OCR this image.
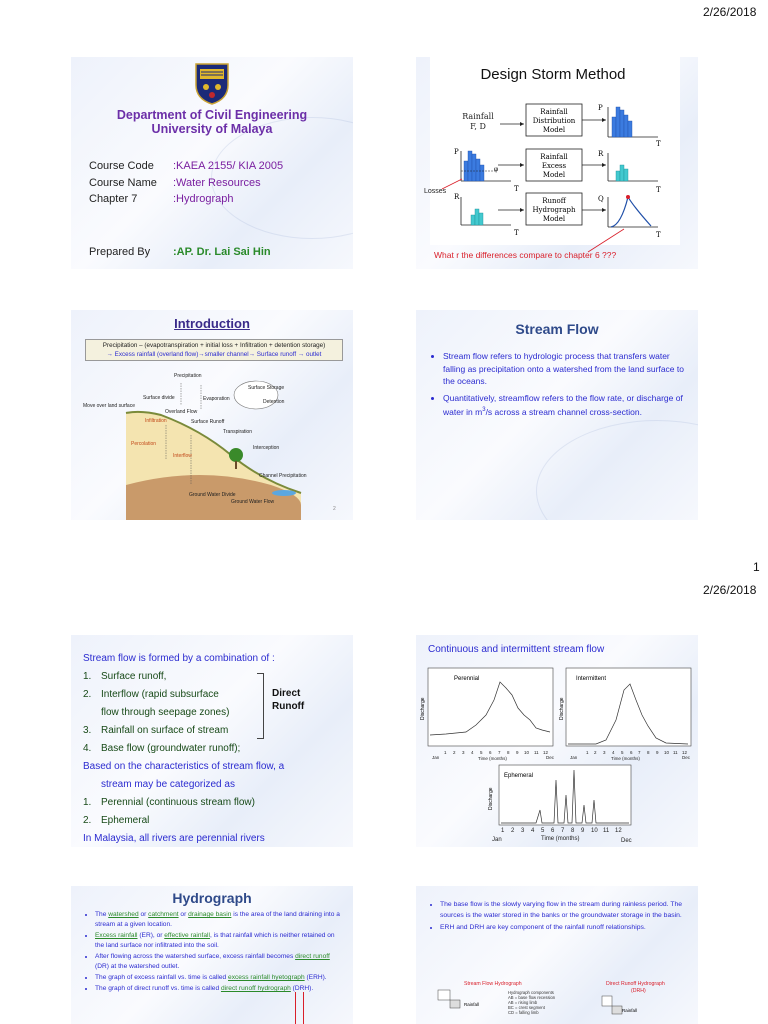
2/26/2018
1
2/26/2018
Department of Civil Engineering
University of Malaya
Course Code :KAEA 2155/ KIA 2005
Course Name :Water Resources
Chapter 7	:Hydrograph
Prepared By :AP. Dr. Lai Sai Hin
Design Storm Method
Rainfall
F, D
Rainfall
Distribution
Model
P
T
P
φ
Rainfall
Excess
Model
R
T
T
R	Runoff
Hydrograph
Model
Q
T	T
Losses
What r the differences compare to chapter 6 ???
Introduction
Precipitation – (evapotranspiration + initial loss + Infiltration + detention storage)
→ Excess rainfall (overland flow)→smaller channel→ Surface runoff → outlet
Precipitation
Surface divide	Evaporation
Surface Storage
Detention
Overland Flow
Infiltration	Surface Runoff
Transpiration
Percolation
Interflow
Interception
Channel Precipitation
Ground Water Divide
Ground Water Flow
Move over land surface
2
Stream Flow
• Stream flow refers to hydrologic process that transfers water falling as precipitation onto a watershed from the land surface to the oceans.
• Quantitatively, streamflow refers to the flow rate, or discharge of water in $m^3/s$ across a stream channel cross-section.
Stream flow is formed by a combination of :
1. Surface runoff,
2. Interflow (rapid subsurface
flow through seepage zones)
3. Rainfall on surface of stream
4. Base flow (groundwater runoff);
Based on the characteristics of stream flow, a
stream may be categorized as
1. Perennial (continuous stream flow)
2. Ephemeral
In Malaysia, all rivers are perennial rivers
Direct
Runoff
Continuous and intermittent stream flow
Perennial
Discharge
Intermittent
Discharge
1 2 3 4 5 6 7 8 9 10 11 12
Jan	Dec
Time (months)
1 2 3 4 5 6 7 8 9 10 11 12
Jan	Dec
Time (months)
Ephemeral
Discharge
1 2 3 4 5 6 7 8 9 10 11 12
Jan	Dec
Time (months)
Hydrograph
• The watershed or catchment or drainage basin is the area of the land draining into a stream at a given location.
• Excess rainfall (ER), or effective rainfall, is that rainfall which is neither retained on the land surface nor infiltrated into the soil.
• After flowing across the watershed surface, excess rainfall becomes direct runoff (DR) at the watershed outlet.
• The graph of excess rainfall vs. time is called excess rainfall hyetograph (ERH).
• The graph of direct runoff vs. time is called direct runoff hydrograph (DRH).
• The base flow is the slowly varying flow in the stream during rainless period. The sources is the water stored in the banks or the groundwater storage in the basin.
• ERH and DRH are key component of the rainfall runoff relationships.
Stream Flow Hydrograph	Direct Runoff Hydrograph
(DRH)
Rainfall
Hydrograph components
AB = base flow recession
AB = rising limb
BC = crest segment
CD = falling limb	Rainfall
